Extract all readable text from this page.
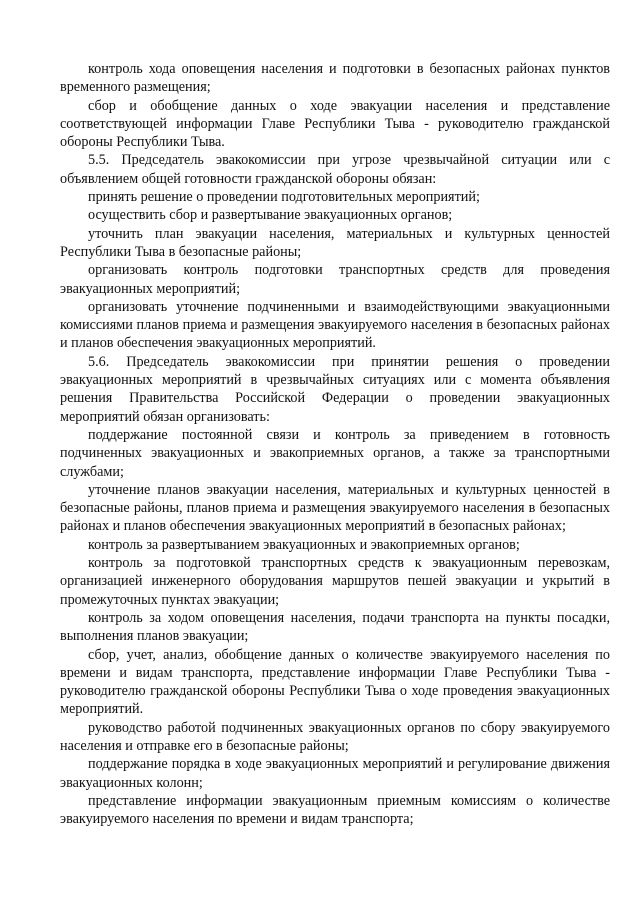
контроль хода оповещения населения и подготовки в безопасных районах пунктов временного размещения;

сбор и обобщение данных о ходе эвакуации населения и представление соответствующей информации Главе Республики Тыва - руководителю гражданской обороны Республики Тыва.

5.5. Председатель эвакокомиссии при угрозе чрезвычайной ситуации или с объявлением общей готовности гражданской обороны обязан:

принять решение о проведении подготовительных мероприятий;

осуществить сбор и развертывание эвакуационных органов;

уточнить план эвакуации населения, материальных и культурных ценностей Республики Тыва в безопасные районы;

организовать контроль подготовки транспортных средств для проведения эвакуационных мероприятий;

организовать уточнение подчиненными и взаимодействующими эвакуационными комиссиями планов приема и размещения эвакуируемого населения в безопасных районах и планов обеспечения эвакуационных мероприятий.

5.6. Председатель эвакокомиссии при принятии решения о проведении эвакуационных мероприятий в чрезвычайных ситуациях или с момента объявления решения Правительства Российской Федерации о проведении эвакуационных мероприятий обязан организовать:

поддержание постоянной связи и контроль за приведением в готовность подчиненных эвакуационных и эвакоприемных органов, а также за транспортными службами;

уточнение планов эвакуации населения, материальных и культурных ценностей в безопасные районы, планов приема и размещения эвакуируемого населения в безопасных районах и планов обеспечения эвакуационных мероприятий в безопасных районах;

контроль за развертыванием эвакуационных и эвакоприемных органов;

контроль за подготовкой транспортных средств к эвакуационным перевозкам, организацией инженерного оборудования маршрутов пешей эвакуации и укрытий в промежуточных пунктах эвакуации;

контроль за ходом оповещения населения, подачи транспорта на пункты посадки, выполнения планов эвакуации;

сбор, учет, анализ, обобщение данных о количестве эвакуируемого населения по времени и видам транспорта, представление информации Главе Республики Тыва - руководителю гражданской обороны Республики Тыва о ходе проведения эвакуационных мероприятий.

руководство работой подчиненных эвакуационных органов по сбору эвакуируемого населения и отправке его в безопасные районы;

поддержание порядка в ходе эвакуационных мероприятий и регулирование движения эвакуационных колонн;

представление информации эвакуационным приемным комиссиям о количестве эвакуируемого населения по времени и видам транспорта;
